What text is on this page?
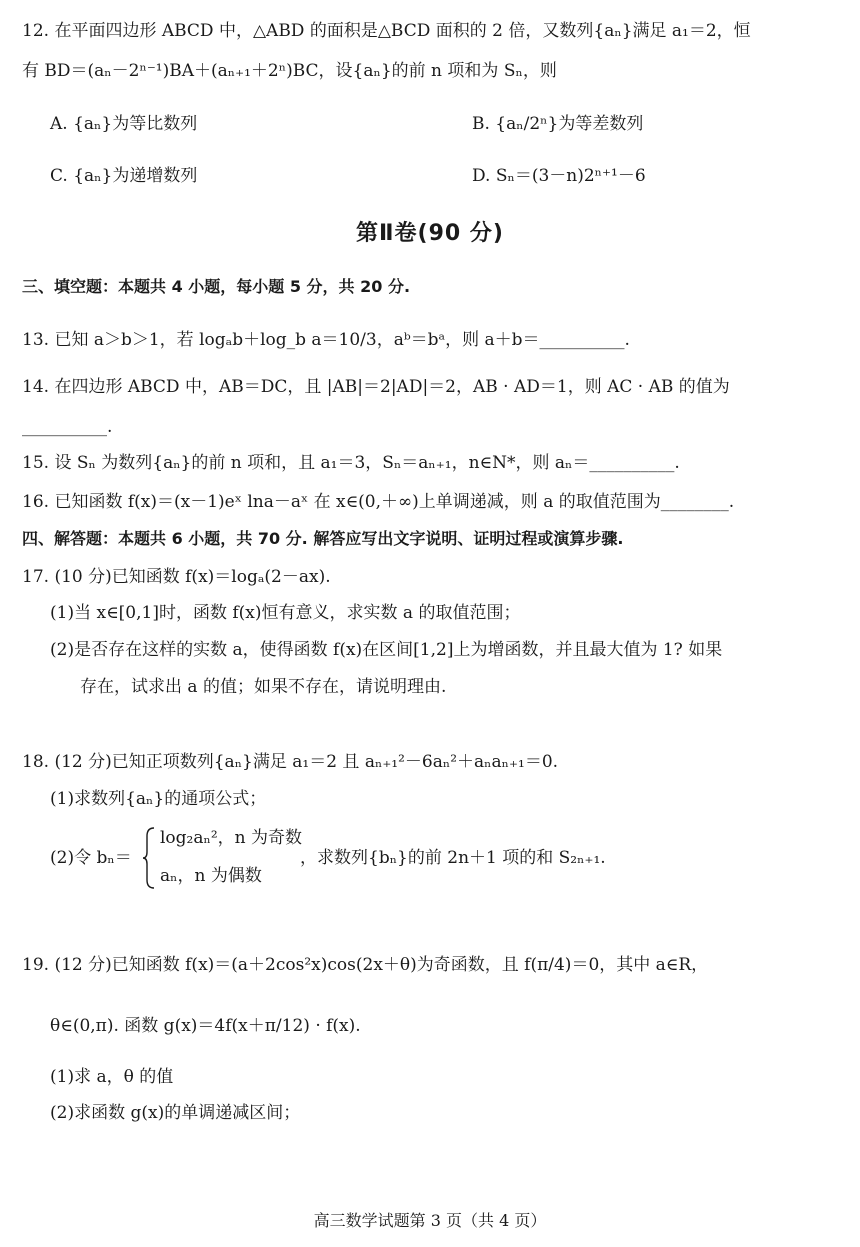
12. 在平面四边形 ABCD 中，△ABD 的面积是△BCD 面积的 2 倍，又数列{aₙ}满足 a₁＝2，恒
有 BD＝(aₙ－2ⁿ⁻¹)BA＋(aₙ₊₁＋2ⁿ)BC，设{aₙ}的前 n 项和为 Sₙ，则
A. {aₙ}为等比数列	B. {aₙ/2ⁿ}为等差数列
C. {aₙ}为递增数列	D. Sₙ＝(3－n)2ⁿ⁺¹－6
第Ⅱ卷(90 分)
三、填空题：本题共 4 小题，每小题 5 分，共 20 分.
13. 已知 a＞b＞1，若 logₐb＋log_b a＝10/3，aᵇ＝bᵃ，则 a＋b＝__________.
14. 在四边形 ABCD 中，AB＝DC，且 |AB|＝2|AD|＝2，AB · AD＝1，则 AC · AB 的值为
__________.
15. 设 Sₙ 为数列{aₙ}的前 n 项和，且 a₁＝3，Sₙ＝aₙ₊₁，n∈N*，则 aₙ＝__________.
16. 已知函数 f(x)＝(x－1)eˣ lna－aˣ 在 x∈(0,＋∞)上单调递减，则 a 的取值范围为________.
四、解答题：本题共 6 小题，共 70 分. 解答应写出文字说明、证明过程或演算步骤.
17. (10 分)已知函数 f(x)＝logₐ(2－ax).
(1)当 x∈[0,1]时，函数 f(x)恒有意义，求实数 a 的取值范围；
(2)是否存在这样的实数 a，使得函数 f(x)在区间[1,2]上为增函数，并且最大值为 1? 如果
存在，试求出 a 的值；如果不存在，请说明理由.
18. (12 分)已知正项数列{aₙ}满足 a₁＝2 且 aₙ₊₁²－6aₙ²＋aₙaₙ₊₁＝0.
(1)求数列{aₙ}的通项公式；
(2)令 bₙ＝
log₂aₙ²，n 为奇数
aₙ，n 为偶数
，求数列{bₙ}的前 2n＋1 项的和 S₂ₙ₊₁.
19. (12 分)已知函数 f(x)＝(a＋2cos²x)cos(2x＋θ)为奇函数，且 f(π/4)＝0，其中 a∈R，
θ∈(0,π). 函数 g(x)＝4f(x＋π/12) · f(x).
(1)求 a，θ 的值
(2)求函数 g(x)的单调递减区间；
高三数学试题第 3 页（共 4 页）
